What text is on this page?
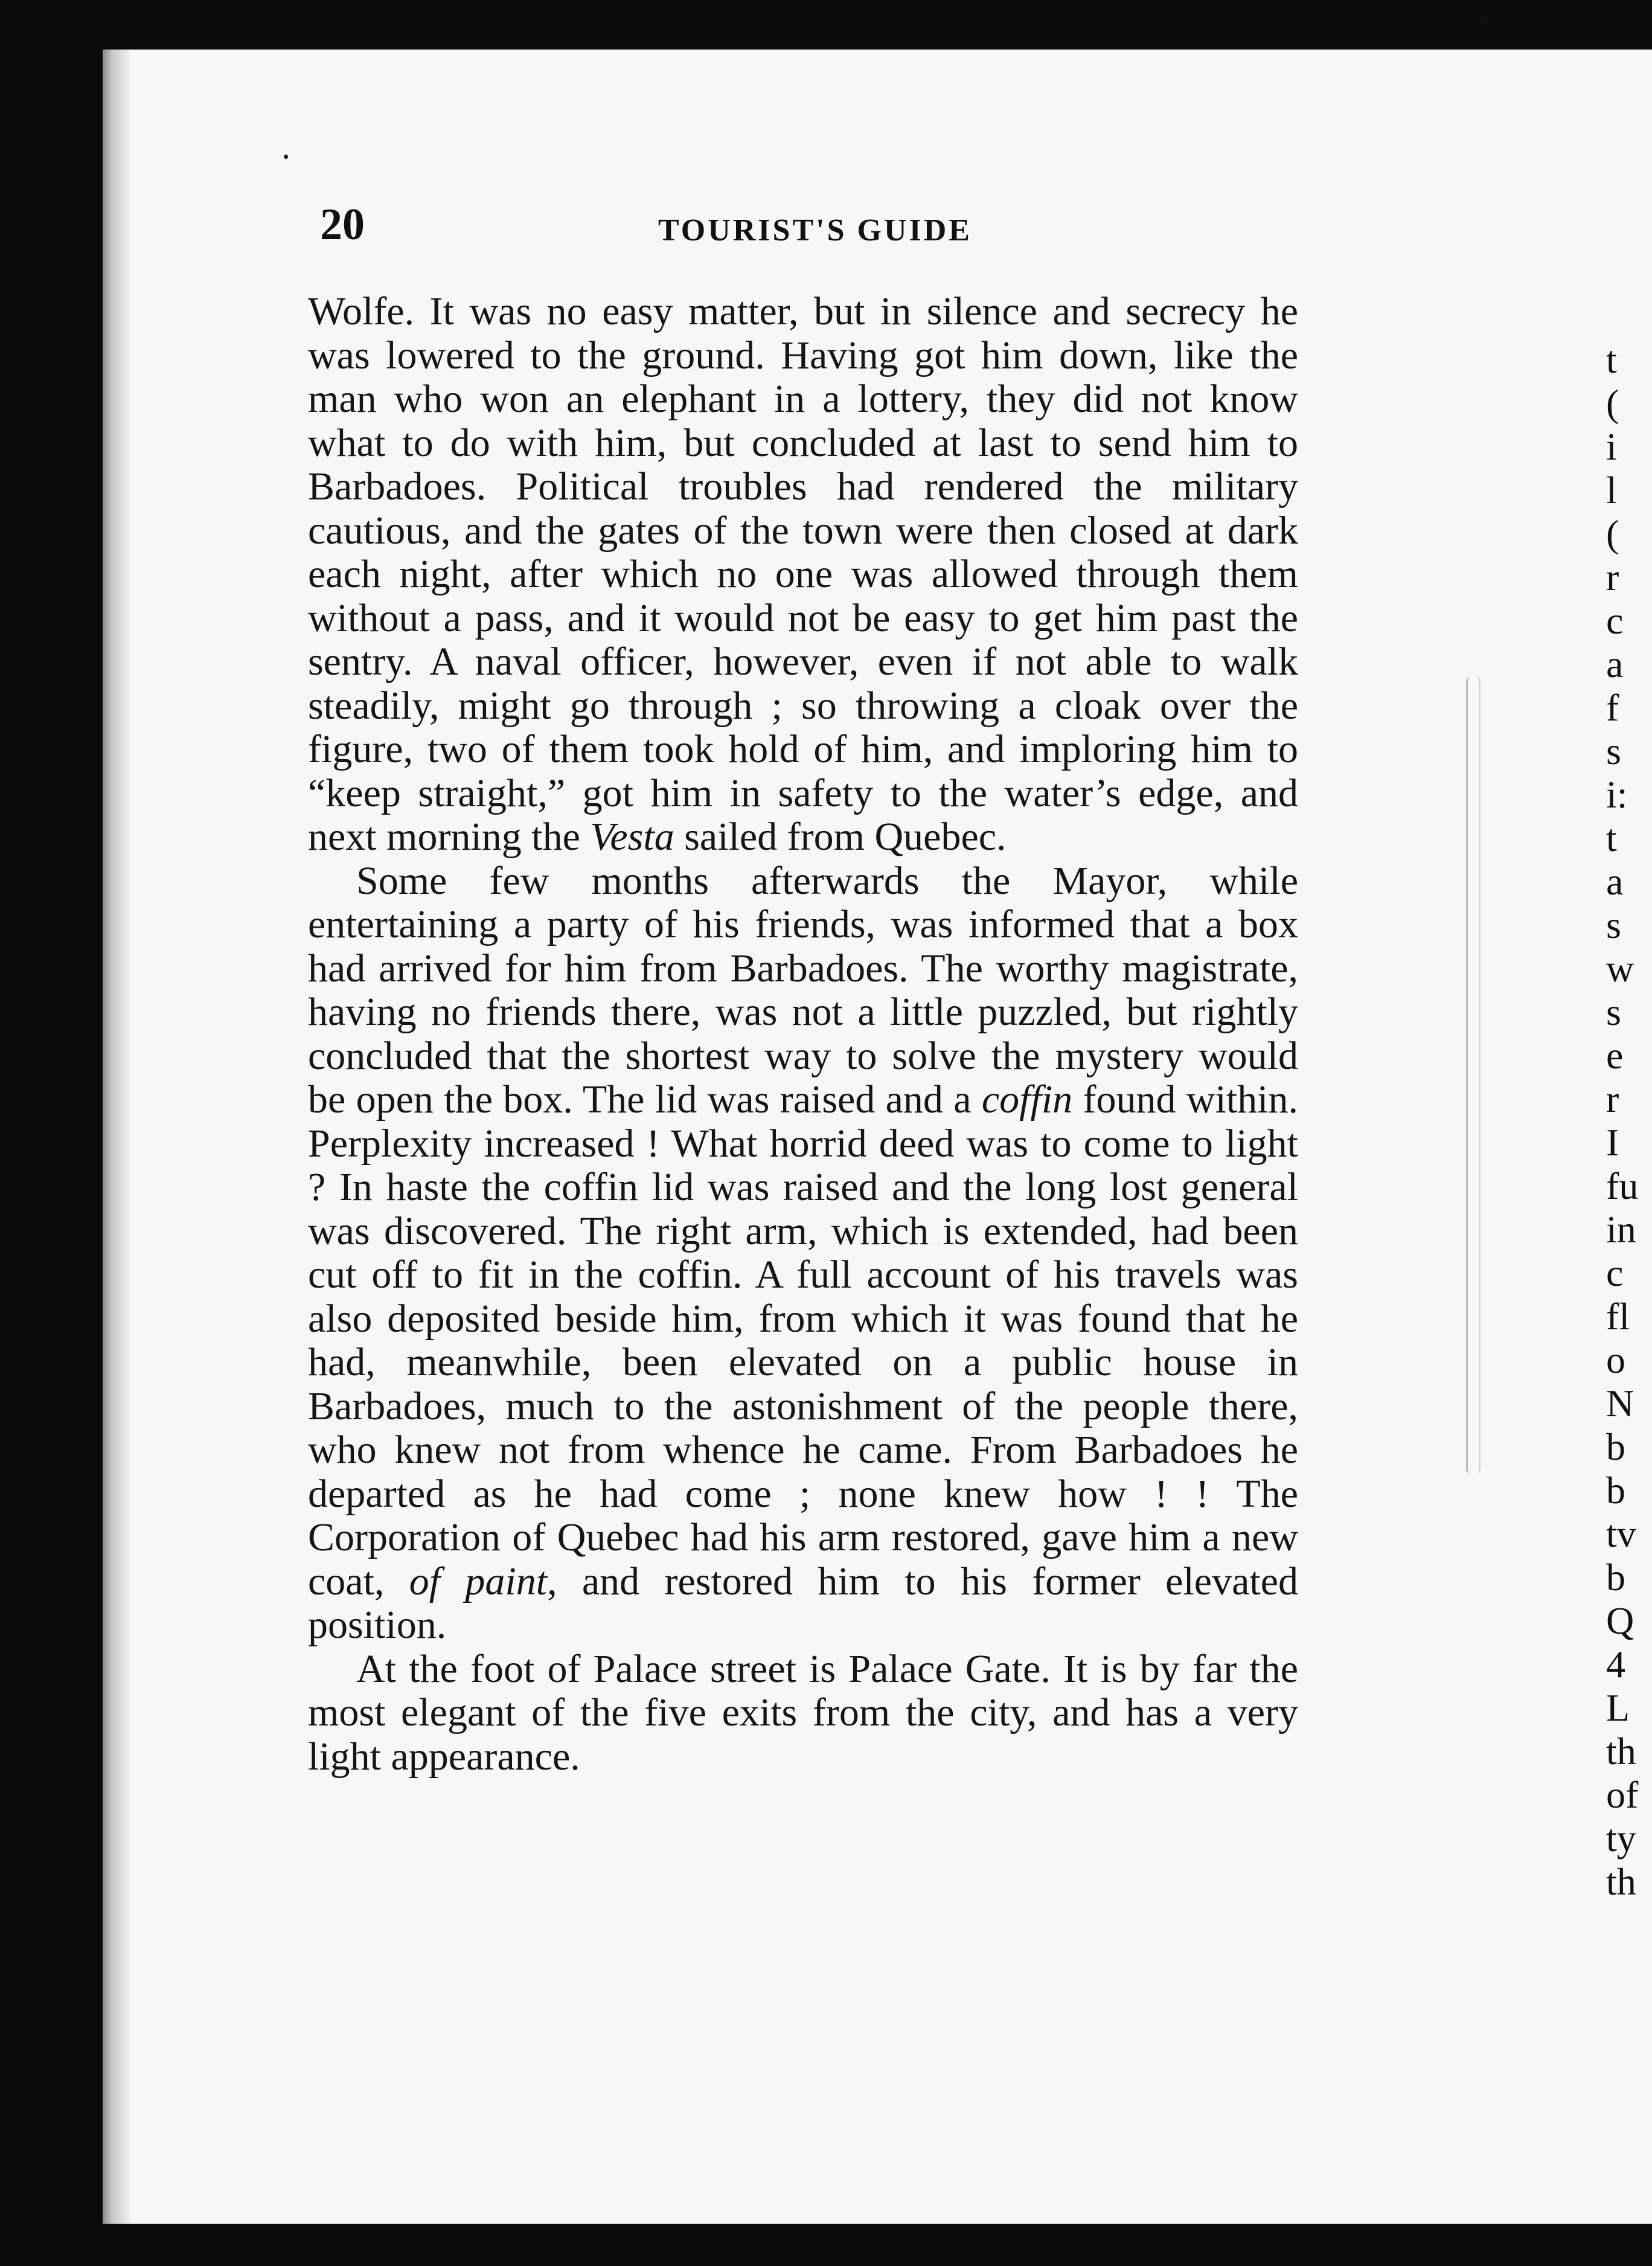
20	TOURIST'S GUIDE

Wolfe. It was no easy matter, but in silence and secrecy he was lowered to the ground. Having got him down, like the man who won an elephant in a lottery, they did not know what to do with him, but concluded at last to send him to Barbadoes. Political troubles had rendered the military cautious, and the gates of the town were then closed at dark each night, after which no one was allowed through them without a pass, and it would not be easy to get him past the sentry. A naval officer, however, even if not able to walk steadily, might go through ; so throwing a cloak over the figure, two of them took hold of him, and imploring him to “keep straight,” got him in safety to the water’s edge, and next morning the Vesta sailed from Quebec.

Some few months afterwards the Mayor, while entertaining a party of his friends, was informed that a box had arrived for him from Barbadoes. The worthy magistrate, having no friends there, was not a little puzzled, but rightly concluded that the shortest way to solve the mystery would be open the box. The lid was raised and a coffin found within. Perplexity increased ! What horrid deed was to come to light ? In haste the coffin lid was raised and the long lost general was discovered. The right arm, which is extended, had been cut off to fit in the coffin. A full account of his travels was also deposited beside him, from which it was found that he had, meanwhile, been elevated on a public house in Barbadoes, much to the astonishment of the people there, who knew not from whence he came. From Barbadoes he departed as he had come ; none knew how ! ! The Corporation of Quebec had his arm restored, gave him a new coat, of paint, and restored him to his former elevated position.

At the foot of Palace street is Palace Gate. It is by far the most elegant of the five exits from the city, and has a very light appearance.

t
(
i
l
(
r
c
a
f
s
i:
t
a
s
w
s
e
r
I
fu
in
c
fl
o
N
b
b
tv
b
Q
4
L
th
of
ty
th
